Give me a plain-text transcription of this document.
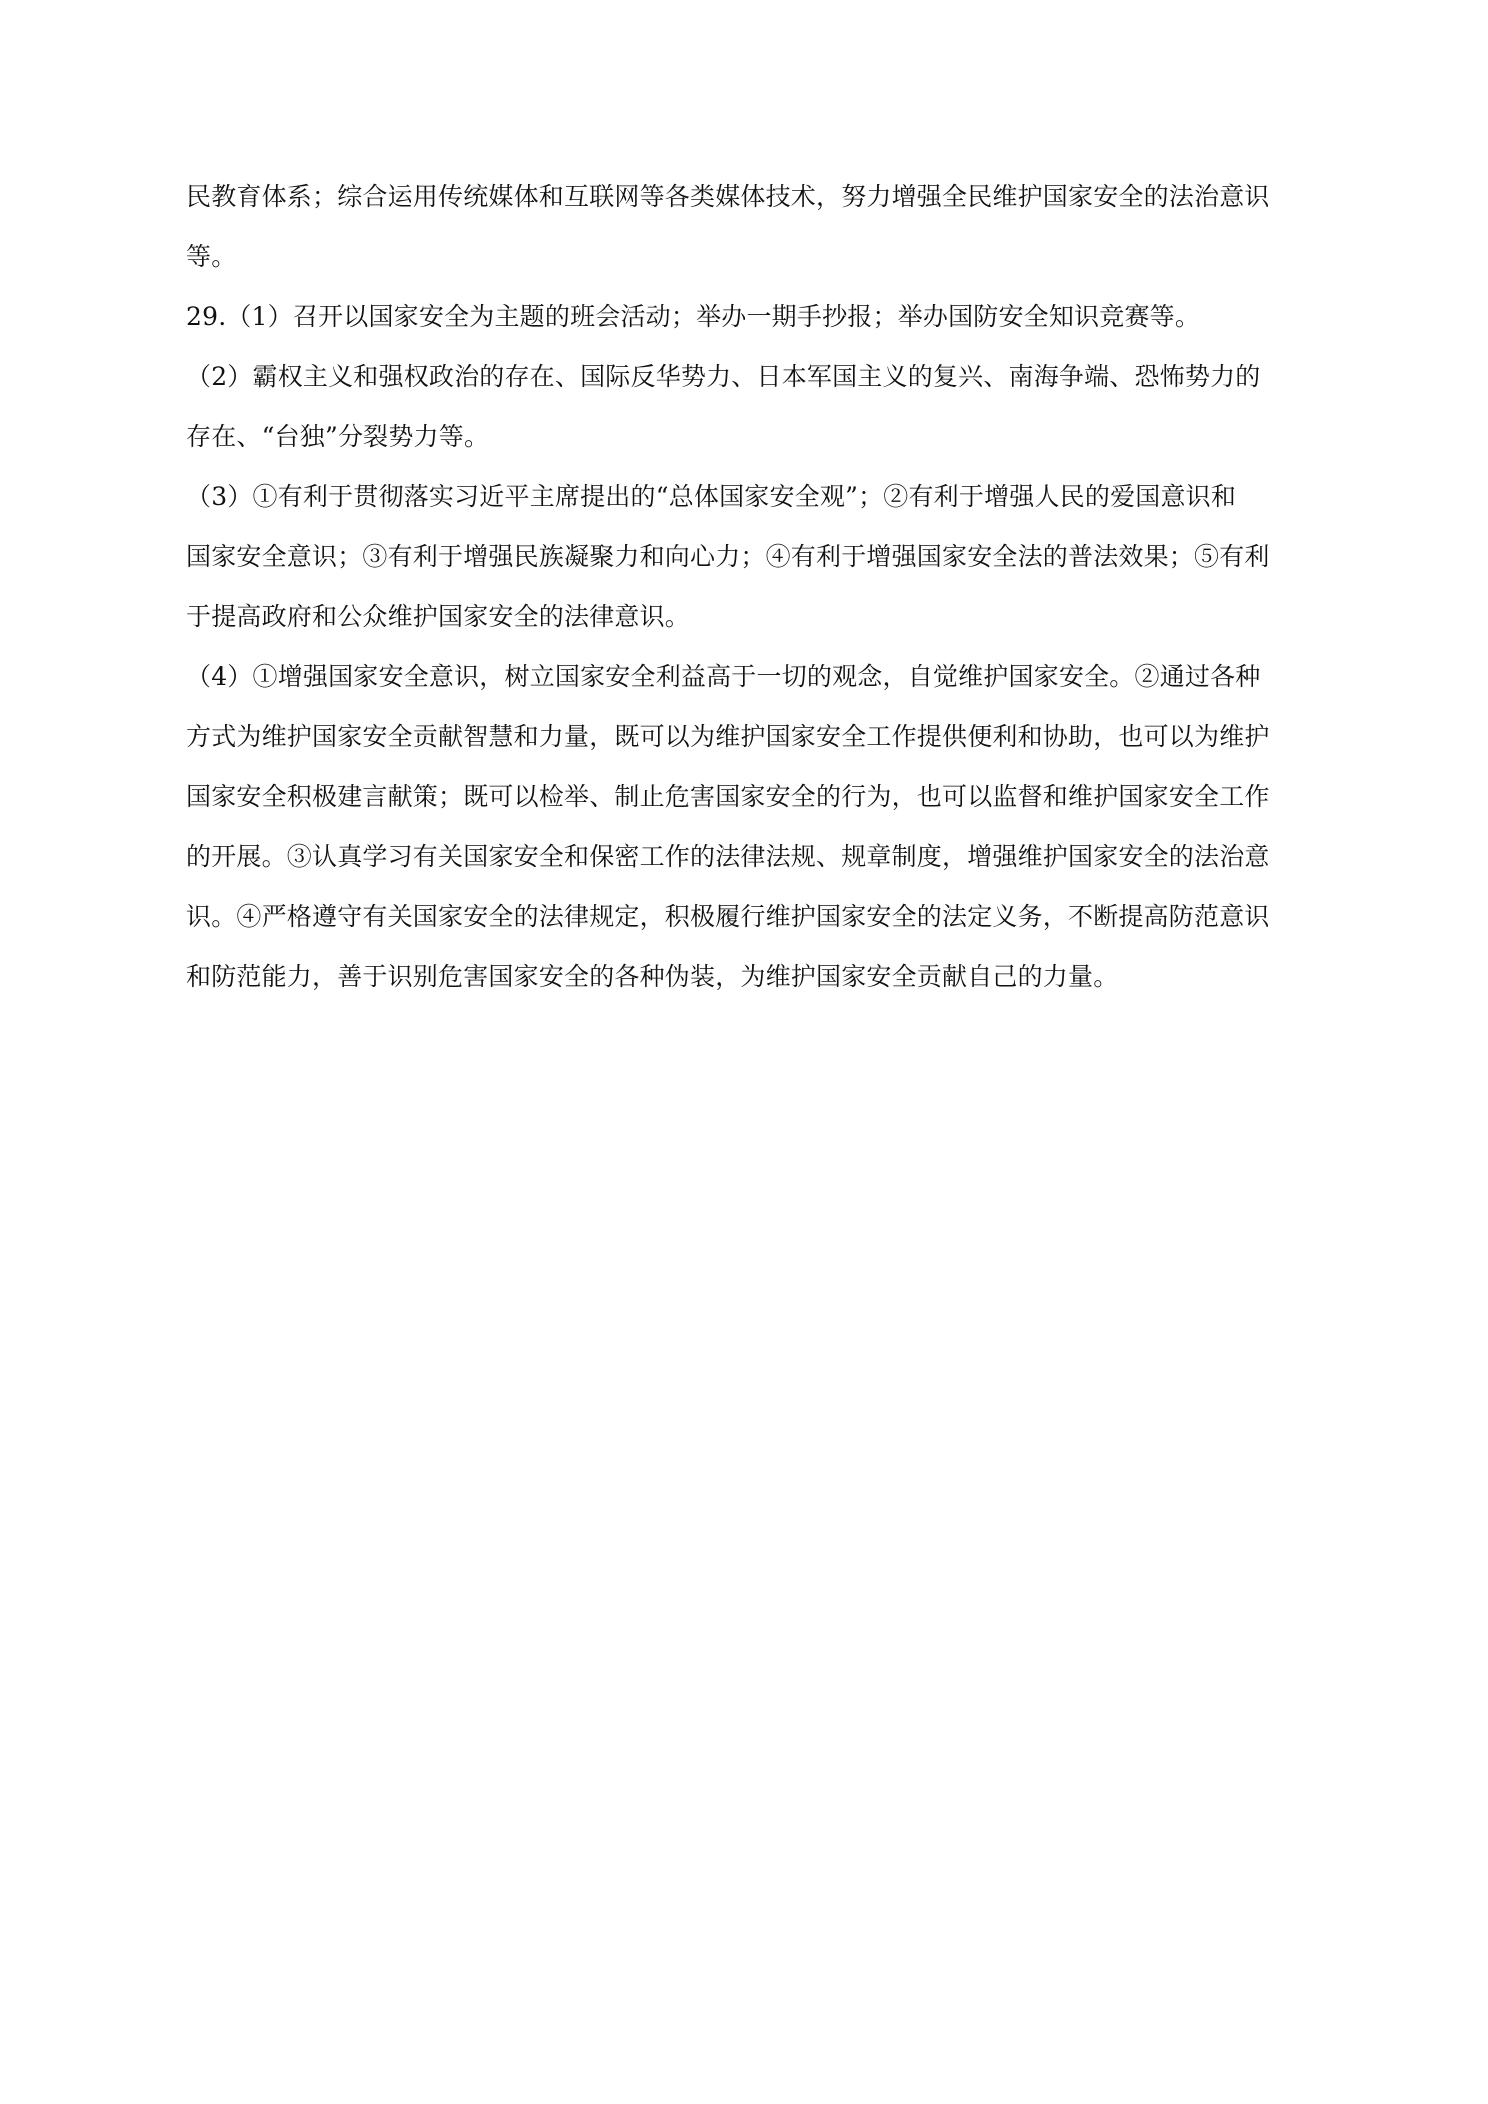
民教育体系；综合运用传统媒体和互联网等各类媒体技术，努力增强全民维护国家安全的法治意识
等。
29.（1）召开以国家安全为主题的班会活动；举办一期手抄报；举办国防安全知识竞赛等。
（2）霸权主义和强权政治的存在、国际反华势力、日本军国主义的复兴、南海争端、恐怖势力的
存在、“台独”分裂势力等。
（3）①有利于贯彻落实习近平主席提出的“总体国家安全观”；②有利于增强人民的爱国意识和
国家安全意识；③有利于增强民族凝聚力和向心力；④有利于增强国家安全法的普法效果；⑤有利
于提高政府和公众维护国家安全的法律意识。
（4）①增强国家安全意识，树立国家安全利益高于一切的观念，自觉维护国家安全。②通过各种
方式为维护国家安全贡献智慧和力量，既可以为维护国家安全工作提供便利和协助，也可以为维护
国家安全积极建言献策；既可以检举、制止危害国家安全的行为，也可以监督和维护国家安全工作
的开展。③认真学习有关国家安全和保密工作的法律法规、规章制度，增强维护国家安全的法治意
识。④严格遵守有关国家安全的法律规定，积极履行维护国家安全的法定义务，不断提高防范意识
和防范能力，善于识别危害国家安全的各种伪装，为维护国家安全贡献自己的力量。
